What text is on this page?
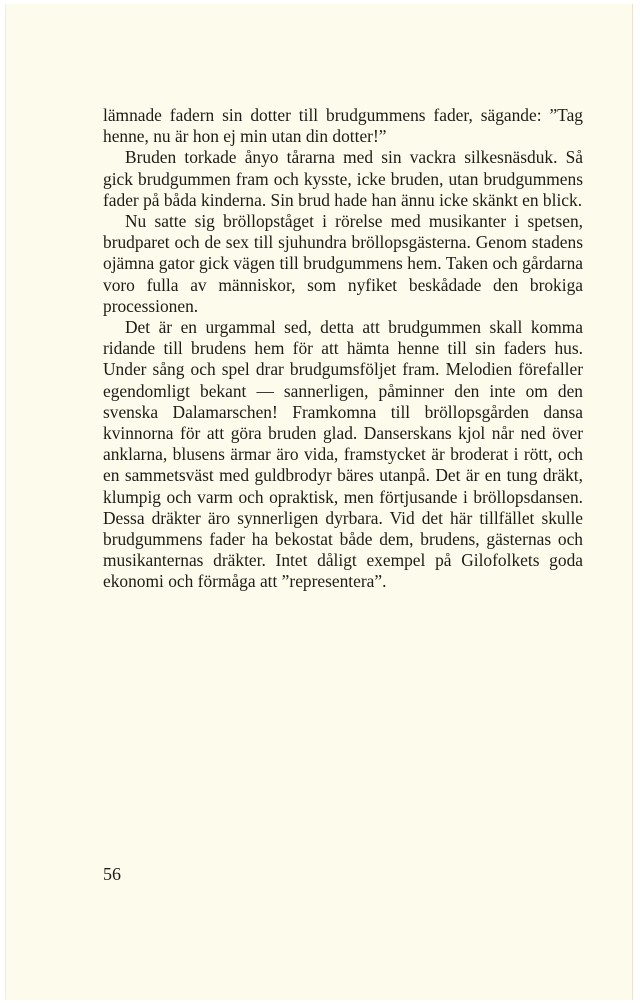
lämnade fadern sin dotter till brudgummens fader, sägande: ”Tag henne, nu är hon ej min utan din dotter!”

Bruden torkade ånyo tårarna med sin vackra silkesnäsduk. Så gick brudgummen fram och kysste, icke bruden, utan brudgummens fader på båda kinderna. Sin brud hade han ännu icke skänkt en blick.

Nu satte sig bröllopståget i rörelse med musikanter i spetsen, brudparet och de sex till sjuhundra bröllopsgästerna. Genom stadens ojämna gator gick vägen till brudgummens hem. Taken och gårdarna voro fulla av människor, som nyfiket beskådade den brokiga processionen.

Det är en urgammal sed, detta att brudgummen skall komma ridande till brudens hem för att hämta henne till sin faders hus. Under sång och spel drar brudgumsföljet fram. Melodien förefaller egendomligt bekant — sannerligen, påminner den inte om den svenska Dalamarschen! Framkomna till bröllopsgården dansa kvinnorna för att göra bruden glad. Danserskans kjol når ned över anklarna, blusens ärmar äro vida, framstycket är broderat i rött, och en sammetsväst med guldbrodyr bäres utanpå. Det är en tung dräkt, klumpig och varm och opraktisk, men förtjusande i bröllopsdansen. Dessa dräkter äro synnerligen dyrbara. Vid det här tillfället skulle brudgummens fader ha bekostat både dem, brudens, gästernas och musikanternas dräkter. Intet dåligt exempel på Gilofolkets goda ekonomi och förmåga att ”representera”.

56
